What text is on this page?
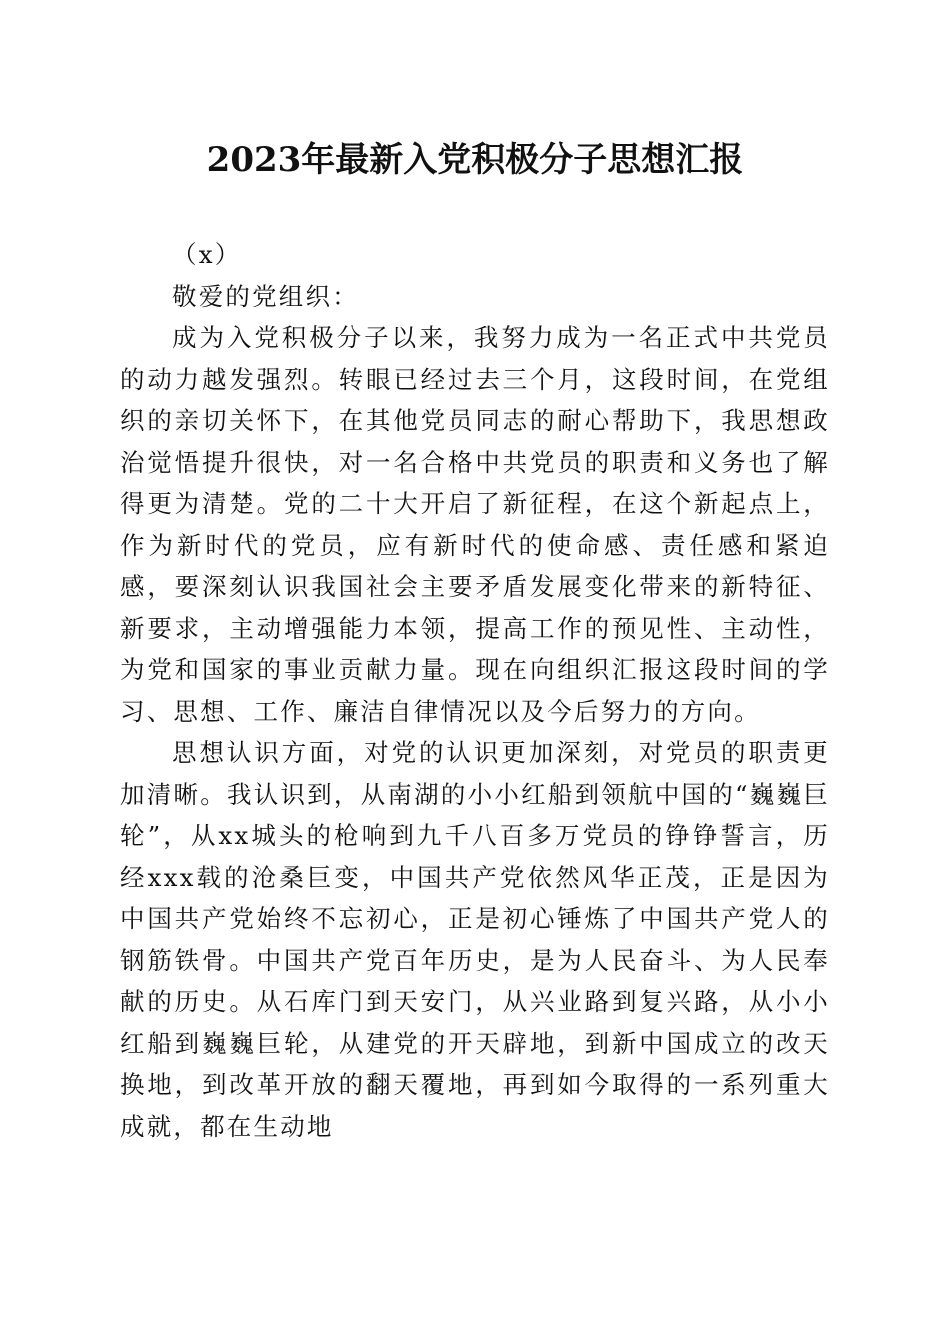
2023年最新入党积极分子思想汇报

（x）

敬爱的党组织：

成为入党积极分子以来，我努力成为一名正式中共党员的动力越发强烈。转眼已经过去三个月，这段时间，在党组织的亲切关怀下，在其他党员同志的耐心帮助下，我思想政治觉悟提升很快，对一名合格中共党员的职责和义务也了解得更为清楚。党的二十大开启了新征程，在这个新起点上，作为新时代的党员，应有新时代的使命感、责任感和紧迫感，要深刻认识我国社会主要矛盾发展变化带来的新特征、新要求，主动增强能力本领，提高工作的预见性、主动性，为党和国家的事业贡献力量。现在向组织汇报这段时间的学习、思想、工作、廉洁自律情况以及今后努力的方向。

思想认识方面，对党的认识更加深刻，对党员的职责更加清晰。我认识到，从南湖的小小红船到领航中国的“巍巍巨轮”，从xx城头的枪响到九千八百多万党员的铮铮誓言，历经xxx载的沧桑巨变，中国共产党依然风华正茂，正是因为中国共产党始终不忘初心，正是初心锤炼了中国共产党人的钢筋铁骨。中国共产党百年历史，是为人民奋斗、为人民奉献的历史。从石库门到天安门，从兴业路到复兴路，从小小红船到巍巍巨轮，从建党的开天辟地，到新中国成立的改天换地，到改革开放的翻天覆地，再到如今取得的一系列重大成就，都在生动地
